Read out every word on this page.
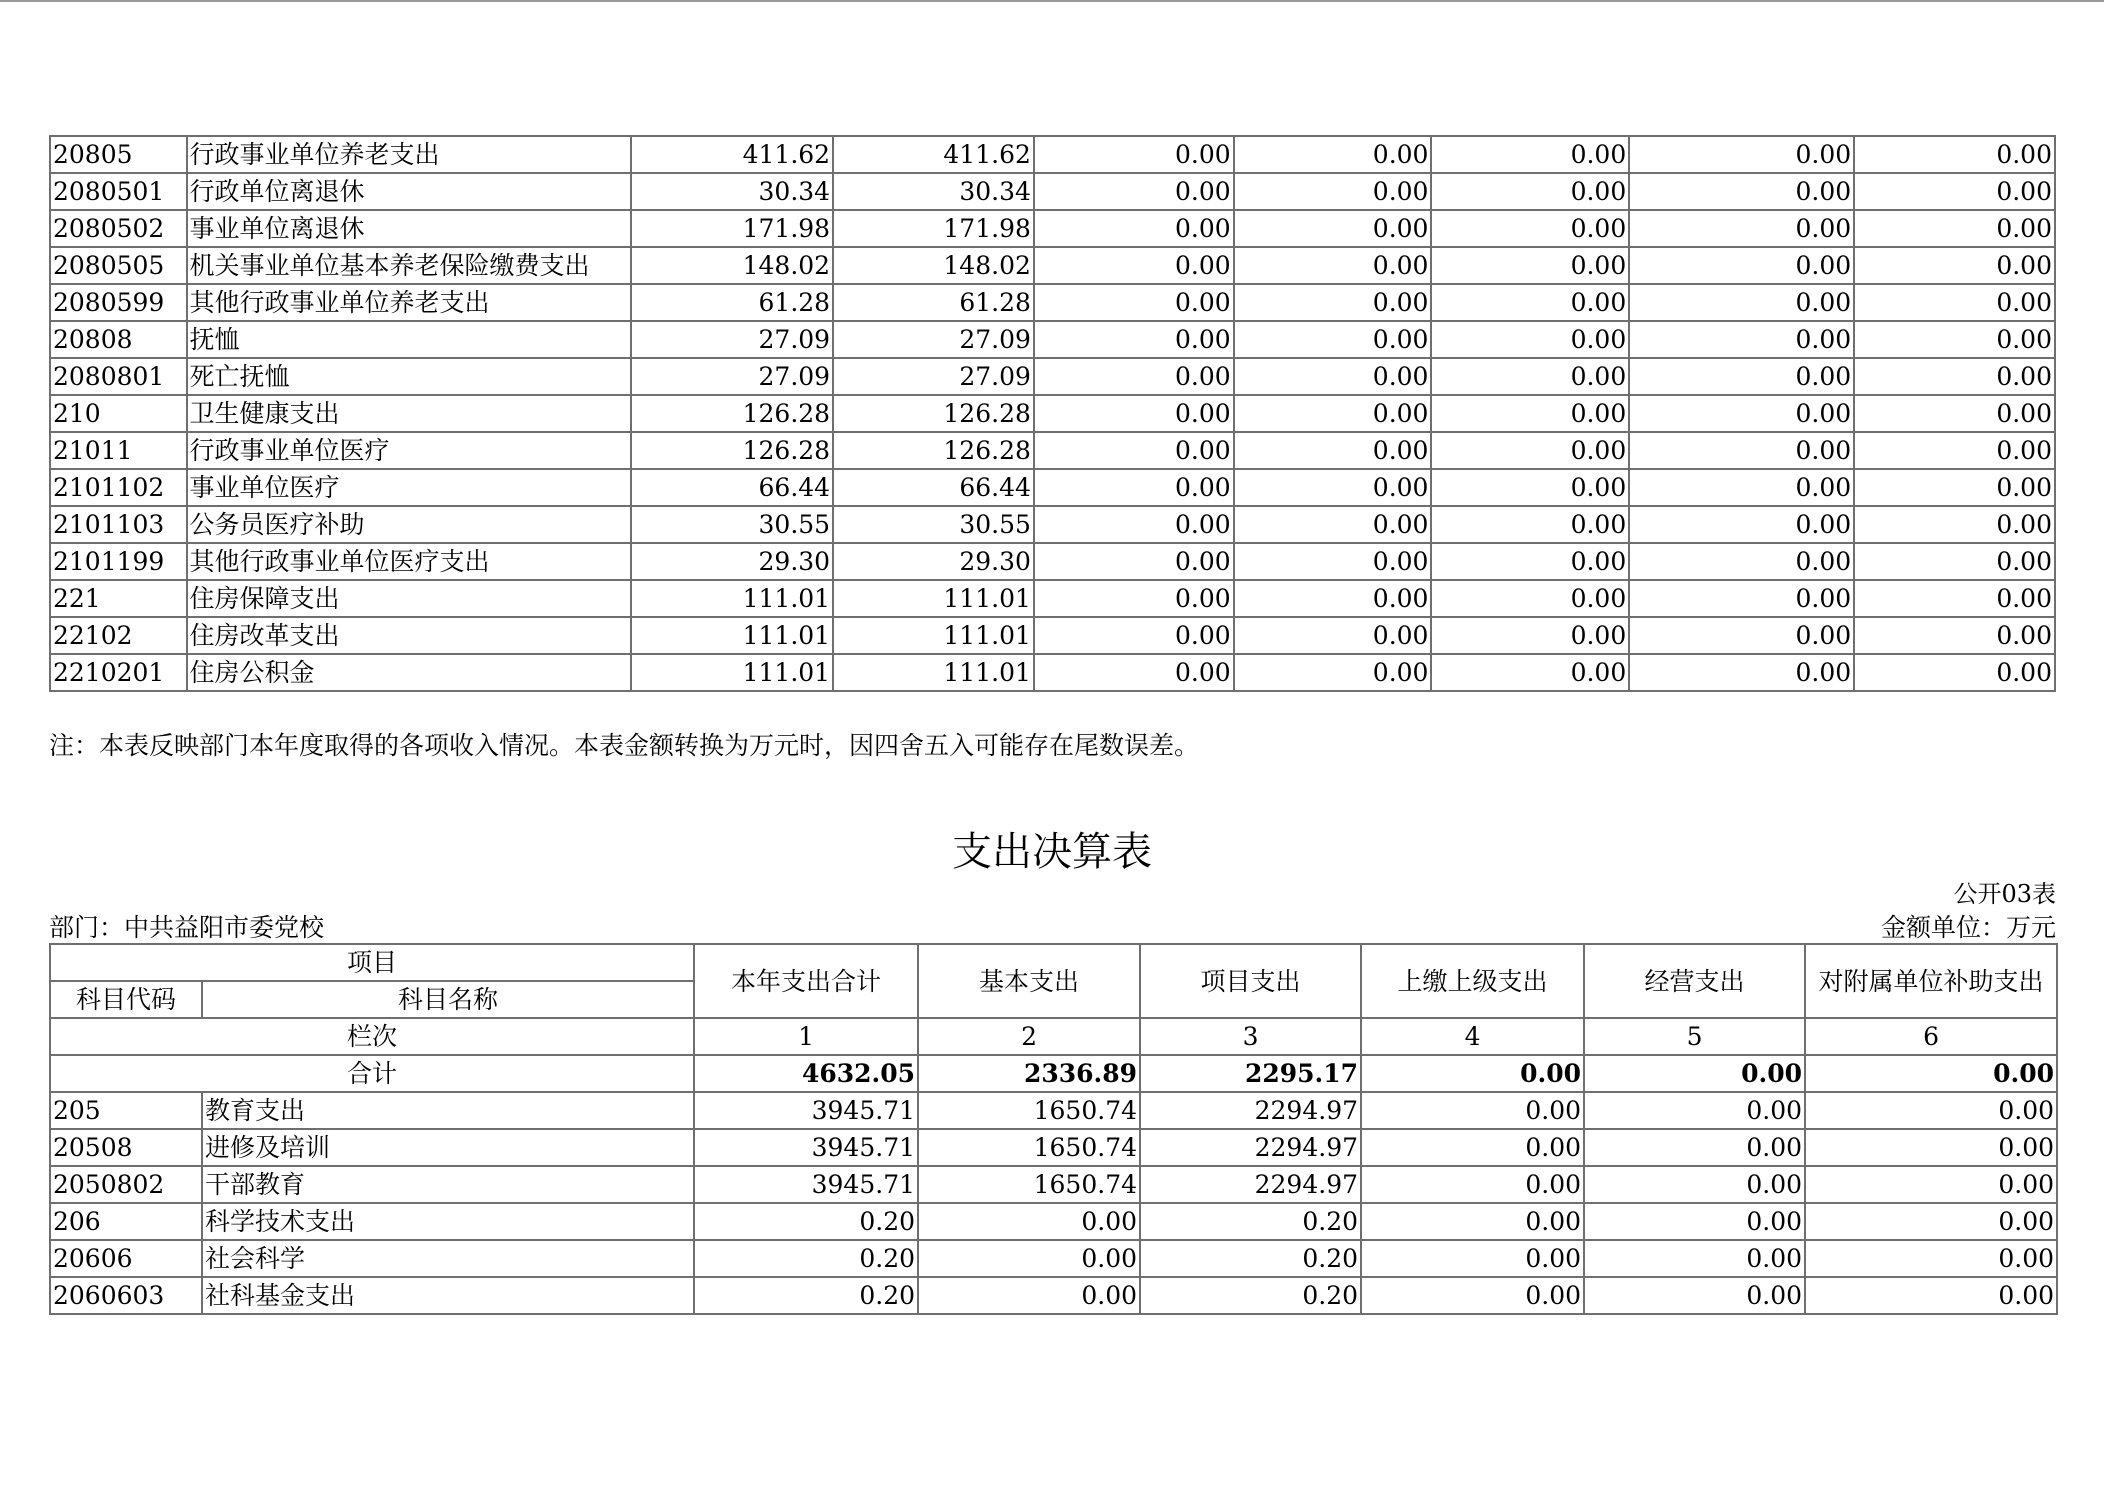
20805	行政事业单位养老支出	411.62	411.62	0.00	0.00	0.00	0.00	0.00
2080501	行政单位离退休	30.34	30.34	0.00	0.00	0.00	0.00	0.00
2080502	事业单位离退休	171.98	171.98	0.00	0.00	0.00	0.00	0.00
2080505	机关事业单位基本养老保险缴费支出	148.02	148.02	0.00	0.00	0.00	0.00	0.00
2080599	其他行政事业单位养老支出	61.28	61.28	0.00	0.00	0.00	0.00	0.00
20808	抚恤	27.09	27.09	0.00	0.00	0.00	0.00	0.00
2080801	死亡抚恤	27.09	27.09	0.00	0.00	0.00	0.00	0.00
210	卫生健康支出	126.28	126.28	0.00	0.00	0.00	0.00	0.00
21011	行政事业单位医疗	126.28	126.28	0.00	0.00	0.00	0.00	0.00
2101102	事业单位医疗	66.44	66.44	0.00	0.00	0.00	0.00	0.00
2101103	公务员医疗补助	30.55	30.55	0.00	0.00	0.00	0.00	0.00
2101199	其他行政事业单位医疗支出	29.30	29.30	0.00	0.00	0.00	0.00	0.00
221	住房保障支出	111.01	111.01	0.00	0.00	0.00	0.00	0.00
22102	住房改革支出	111.01	111.01	0.00	0.00	0.00	0.00	0.00
2210201	住房公积金	111.01	111.01	0.00	0.00	0.00	0.00	0.00
注：本表反映部门本年度取得的各项收入情况。本表金额转换为万元时，因四舍五入可能存在尾数误差。
支出决算表
公开03表
部门：中共益阳市委党校	金额单位：万元
项目		本年支出合计	基本支出	项目支出	上缴上级支出	经营支出	对附属单位补助支出
科目代码	科目名称						
栏次		1	2	3	4	5	6
合计		4632.05	2336.89	2295.17	0.00	0.00	0.00
205	教育支出	3945.71	1650.74	2294.97	0.00	0.00	0.00
20508	进修及培训	3945.71	1650.74	2294.97	0.00	0.00	0.00
2050802	干部教育	3945.71	1650.74	2294.97	0.00	0.00	0.00
206	科学技术支出	0.20	0.00	0.20	0.00	0.00	0.00
20606	社会科学	0.20	0.00	0.20	0.00	0.00	0.00
2060603	社科基金支出	0.20	0.00	0.20	0.00	0.00	0.00
